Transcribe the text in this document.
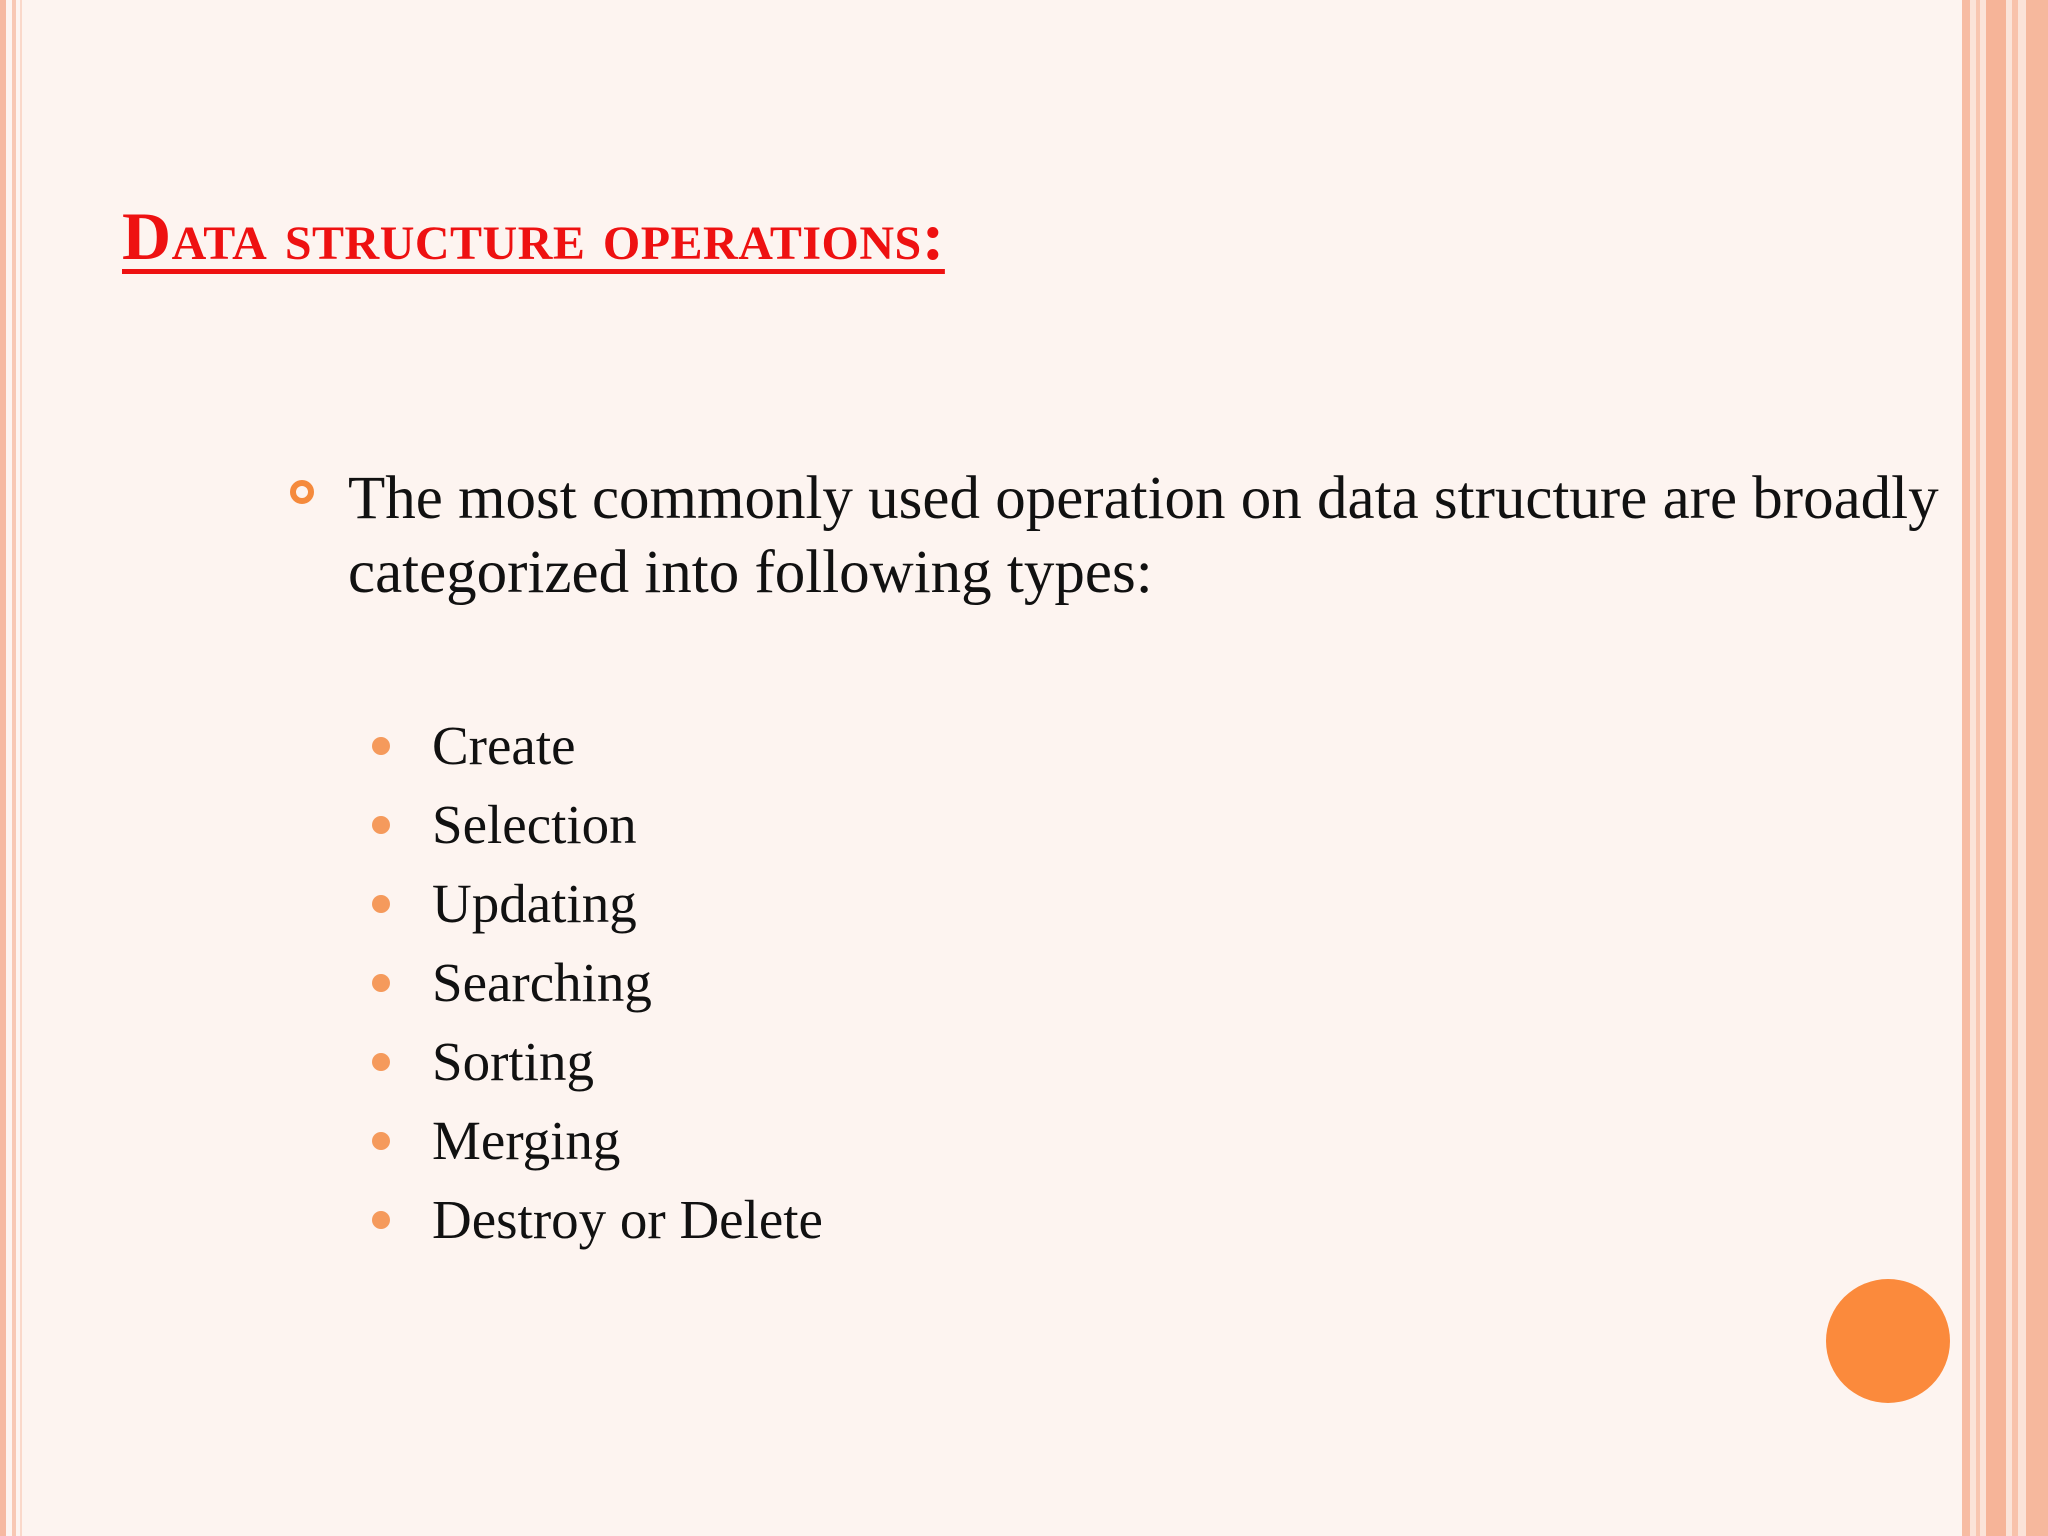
Data structure operations:

The most commonly used operation on data structure are broadly categorized into following types:

Create
Selection
Updating
Searching
Sorting
Merging
Destroy or Delete
